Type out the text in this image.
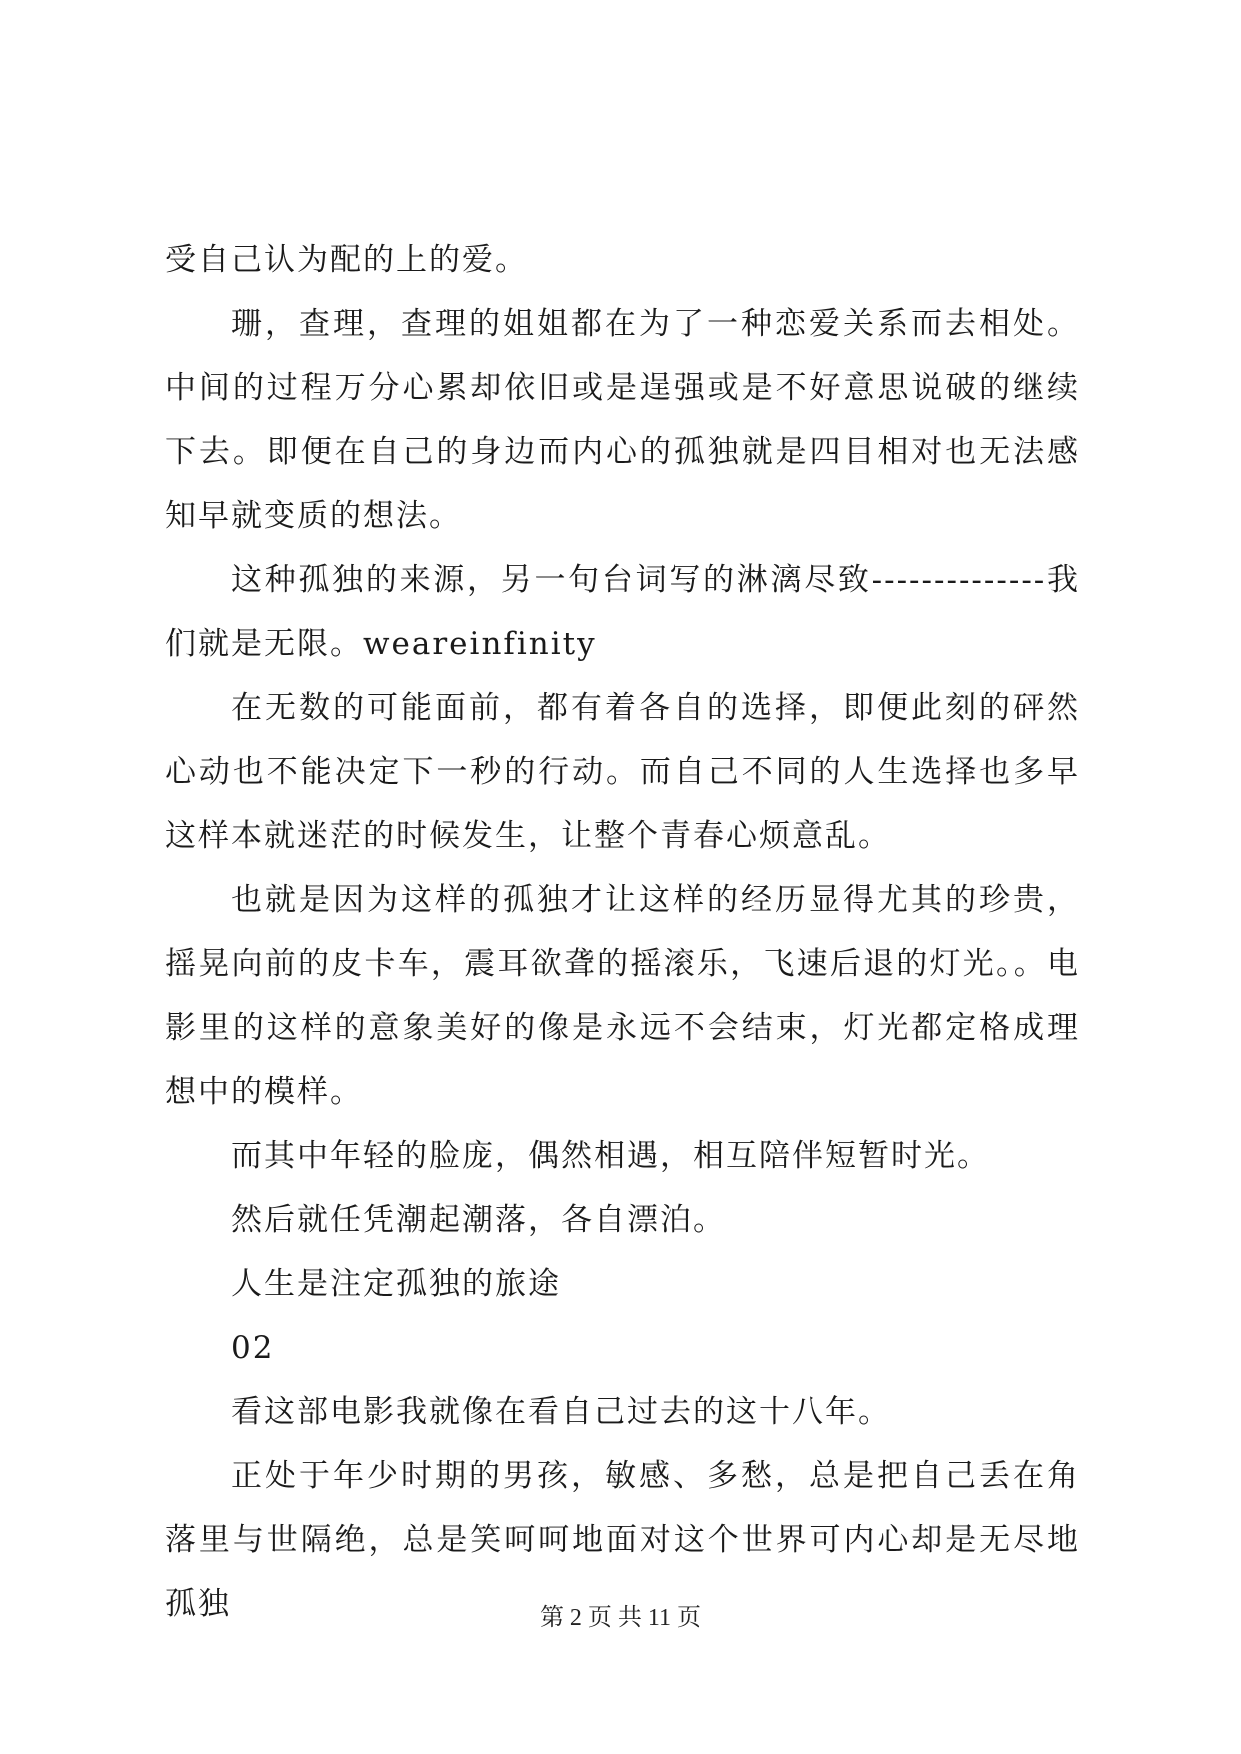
受自己认为配的上的爱。

珊，查理，查理的姐姐都在为了一种恋爱关系而去相处。中间的过程万分心累却依旧或是逞强或是不好意思说破的继续下去。即便在自己的身边而内心的孤独就是四目相对也无法感知早就变质的想法。

这种孤独的来源，另一句台词写的淋漓尽致--------------我们就是无限。weareinfinity

在无数的可能面前，都有着各自的选择，即便此刻的砰然心动也不能决定下一秒的行动。而自己不同的人生选择也多早这样本就迷茫的时候发生，让整个青春心烦意乱。

也就是因为这样的孤独才让这样的经历显得尤其的珍贵，摇晃向前的皮卡车，震耳欲聋的摇滚乐，飞速后退的灯光。。电影里的这样的意象美好的像是永远不会结束，灯光都定格成理想中的模样。

而其中年轻的脸庞，偶然相遇，相互陪伴短暂时光。

然后就任凭潮起潮落，各自漂泊。

人生是注定孤独的旅途

02

看这部电影我就像在看自己过去的这十八年。

正处于年少时期的男孩，敏感、多愁，总是把自己丢在角落里与世隔绝，总是笑呵呵地面对这个世界可内心却是无尽地孤独	第 2 页 共 11 页
